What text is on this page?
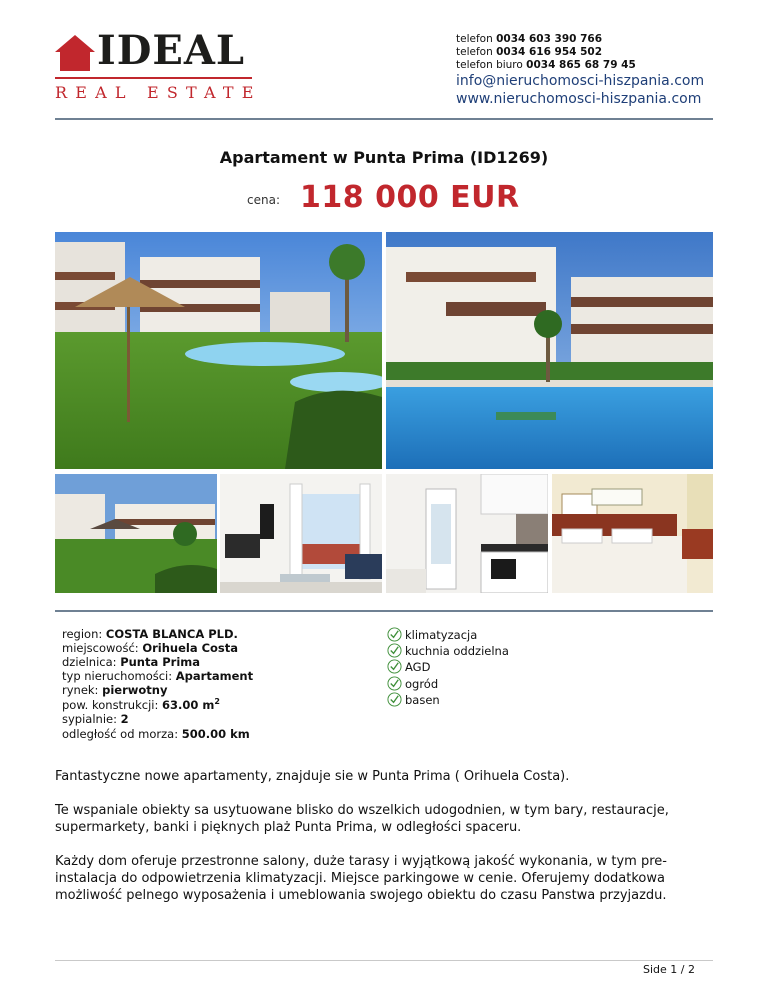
IDEAL
REAL ESTATE
telefon 0034 603 390 766
telefon 0034 616 954 502
telefon biuro 0034 865 68 79 45
info@nieruchomosci-hiszpania.com
www.nieruchomosci-hiszpania.com
Apartament w Punta Prima (ID1269)
cena: 118 000 EUR
region: COSTA BLANCA PLD.
miejscowość: Orihuela Costa
dzielnica: Punta Prima
typ nieruchomości: Apartament
rynek: pierwotny
pow. konstrukcji: 63.00 $m^2$
sypialnie: 2
odległość od morza: 500.00 km
klimatyzacja
kuchnia oddzielna
AGD
ogród
basen
Fantastyczne nowe apartamenty, znajduje sie w Punta Prima ( Orihuela Costa).
Te wspaniale obiekty sa usytuowane blisko do wszelkich udogodnien, w tym bary, restauracje, supermarkety, banki i pięknych plaż Punta Prima, w odległości spaceru.
Każdy dom oferuje przestronne salony, duże tarasy i wyjątkową jakość wykonania, w tym pre-instalacja do odpowietrzenia klimatyzacji. Miejsce parkingowe w cenie. Oferujemy dodatkowa możliwość pelnego wyposażenia i umeblowania swojego obiektu do czasu Panstwa przyjazdu.
Side 1 / 2
